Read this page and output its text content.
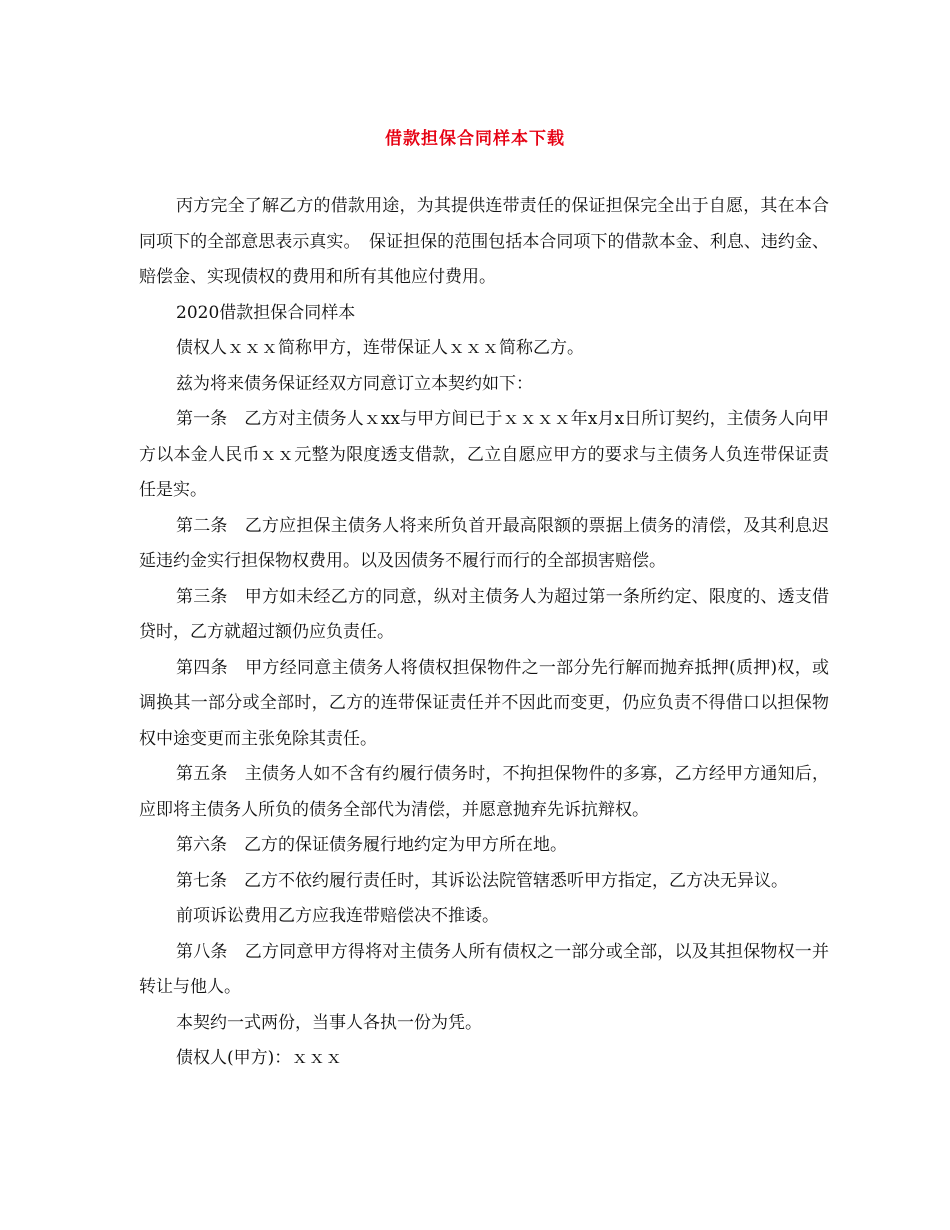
借款担保合同样本下载

丙方完全了解乙方的借款用途，为其提供连带责任的保证担保完全出于自愿，其在本合同项下的全部意思表示真实。　保证担保的范围包括本合同项下的借款本金、利息、违约金、赔偿金、实现债权的费用和所有其他应付费用。

2020借款担保合同样本

债权人ｘｘｘ简称甲方，连带保证人ｘｘｘ简称乙方。

兹为将来债务保证经双方同意订立本契约如下：

第一条　乙方对主债务人ｘxx与甲方间已于ｘｘｘｘ年x月x日所订契约，主债务人向甲方以本金人民币ｘｘ元整为限度透支借款，乙立自愿应甲方的要求与主债务人负连带保证责任是实。

第二条　乙方应担保主债务人将来所负首开最高限额的票据上债务的清偿，及其利息迟延违约金实行担保物权费用。以及因债务不履行而行的全部损害赔偿。

第三条　甲方如未经乙方的同意，纵对主债务人为超过第一条所约定、限度的、透支借贷时，乙方就超过额仍应负责任。

第四条　甲方经同意主债务人将债权担保物件之一部分先行解而抛弃抵押(质押)权，或调换其一部分或全部时，乙方的连带保证责任并不因此而变更，仍应负责不得借口以担保物权中途变更而主张免除其责任。

第五条　主债务人如不含有约履行债务时，不拘担保物件的多寡，乙方经甲方通知后，应即将主债务人所负的债务全部代为清偿，并愿意抛弃先诉抗辩权。

第六条　乙方的保证债务履行地约定为甲方所在地。

第七条　乙方不依约履行责任时，其诉讼法院管辖悉听甲方指定，乙方决无异议。

前项诉讼费用乙方应我连带赔偿决不推诿。

第八条　乙方同意甲方得将对主债务人所有债权之一部分或全部，以及其担保物权一并转让与他人。

本契约一式两份，当事人各执一份为凭。

债权人(甲方)：ｘｘｘ
